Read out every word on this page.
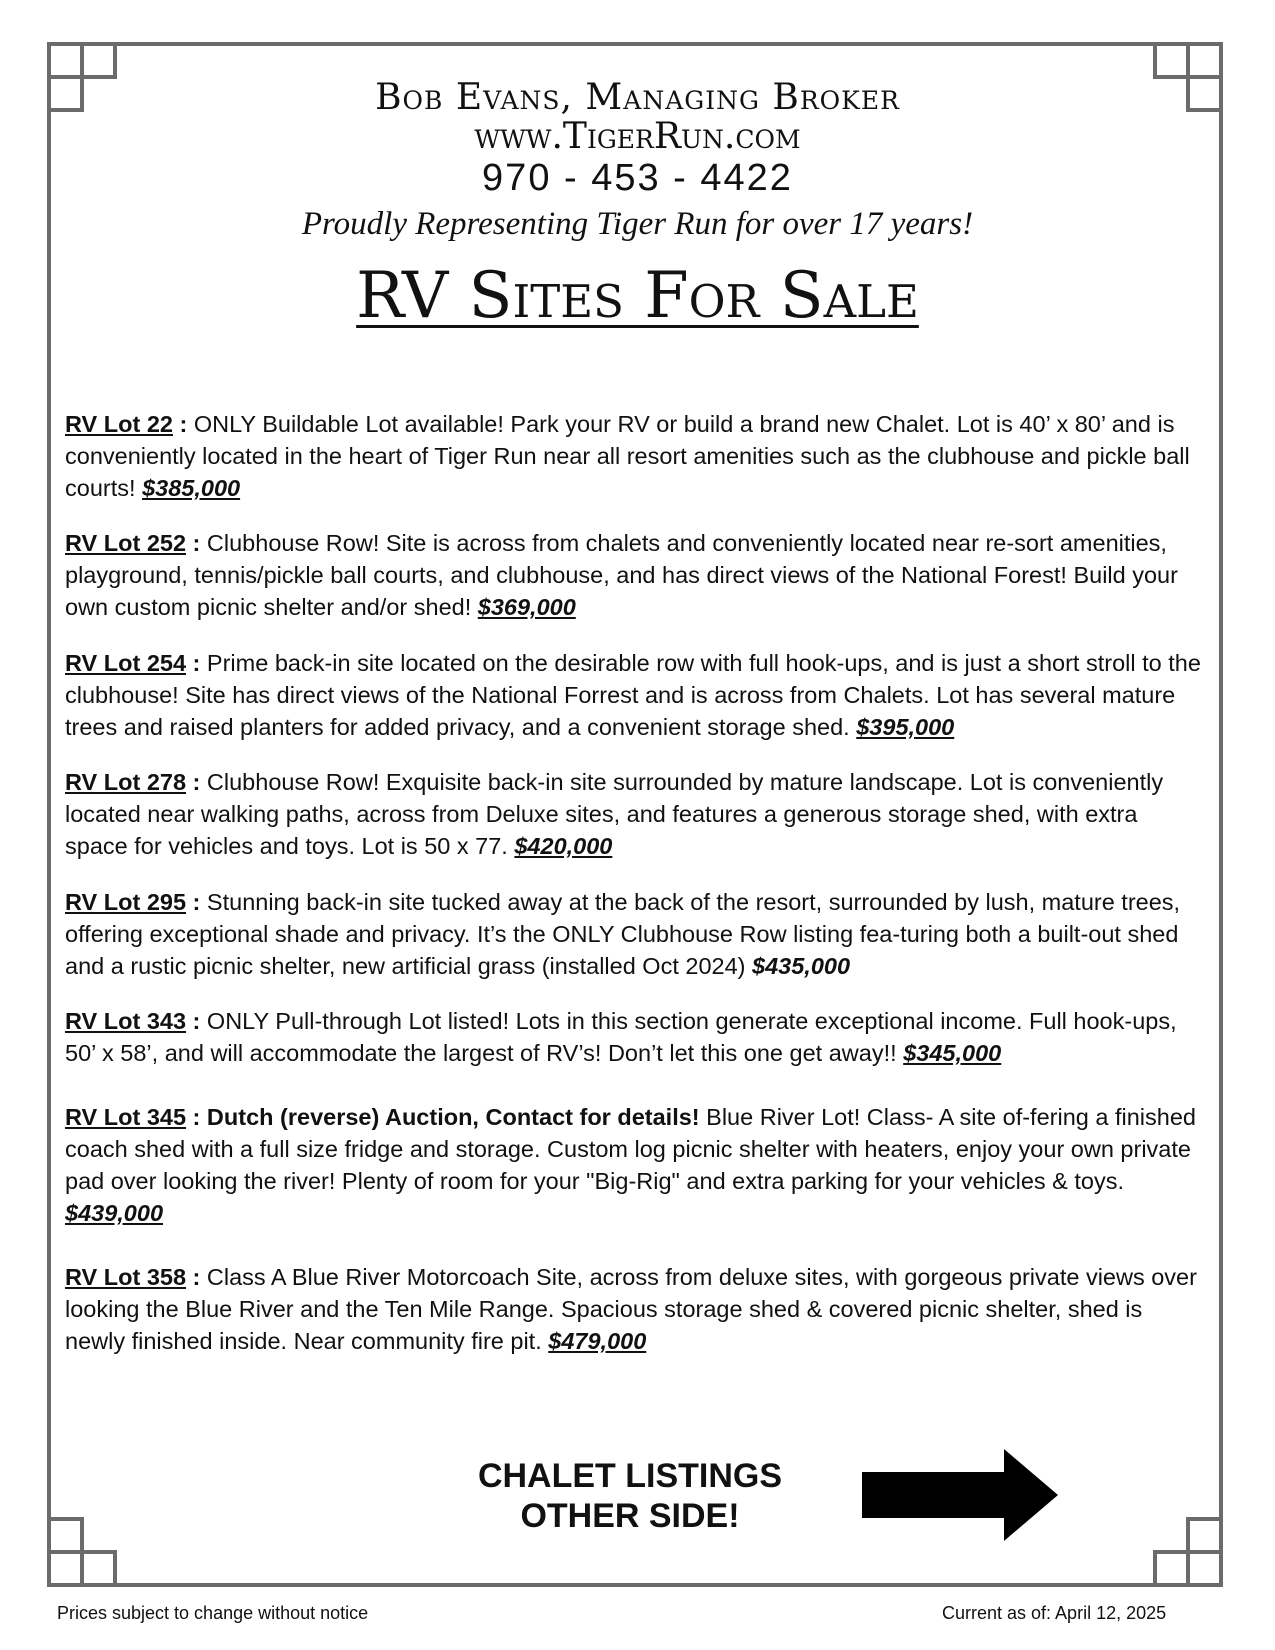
Bob Evans, Managing Broker
www.TigerRun.com
970 - 453 - 4422
Proudly Representing Tiger Run for over 17 years!
RV Sites For Sale

RV Lot 22 : ONLY Buildable Lot available! Park your RV or build a brand new Chalet. Lot is 40’ x 80’ and is conveniently located in the heart of Tiger Run near all resort amenities such as the clubhouse and pickle ball courts! $385,000

RV Lot 252 : Clubhouse Row! Site is across from chalets and conveniently located near re-sort amenities, playground, tennis/pickle ball courts, and clubhouse, and has direct views of the National Forest! Build your own custom picnic shelter and/or shed! $369,000

RV Lot 254 : Prime back-in site located on the desirable row with full hook-ups, and is just a short stroll to the clubhouse! Site has direct views of the National Forrest and is across from Chalets. Lot has several mature trees and raised planters for added privacy, and a convenient storage shed. $395,000

RV Lot 278 : Clubhouse Row! Exquisite back-in site surrounded by mature landscape. Lot is conveniently located near walking paths, across from Deluxe sites, and features a generous storage shed, with extra space for vehicles and toys. Lot is 50 x 77. $420,000

RV Lot 295 : Stunning back-in site tucked away at the back of the resort, surrounded by lush, mature trees, offering exceptional shade and privacy. It’s the ONLY Clubhouse Row listing fea-turing both a built-out shed and a rustic picnic shelter, new artificial grass (installed Oct 2024) $435,000

RV Lot 343 : ONLY Pull-through Lot listed! Lots in this section generate exceptional income. Full hook-ups, 50’ x 58’, and will accommodate the largest of RV’s! Don’t let this one get away!! $345,000

RV Lot 345 : Dutch (reverse) Auction, Contact for details! Blue River Lot! Class- A site of-fering a finished coach shed with a full size fridge and storage. Custom log picnic shelter with heaters, enjoy your own private pad over looking the river! Plenty of room for your "Big-Rig" and extra parking for your vehicles & toys. $439,000

RV Lot 358 : Class A Blue River Motorcoach Site, across from deluxe sites, with gorgeous private views over looking the Blue River and the Ten Mile Range. Spacious storage shed & covered picnic shelter, shed is newly finished inside. Near community fire pit. $479,000

CHALET LISTINGS
OTHER SIDE!
Prices subject to change without notice	Current as of: April 12, 2025
